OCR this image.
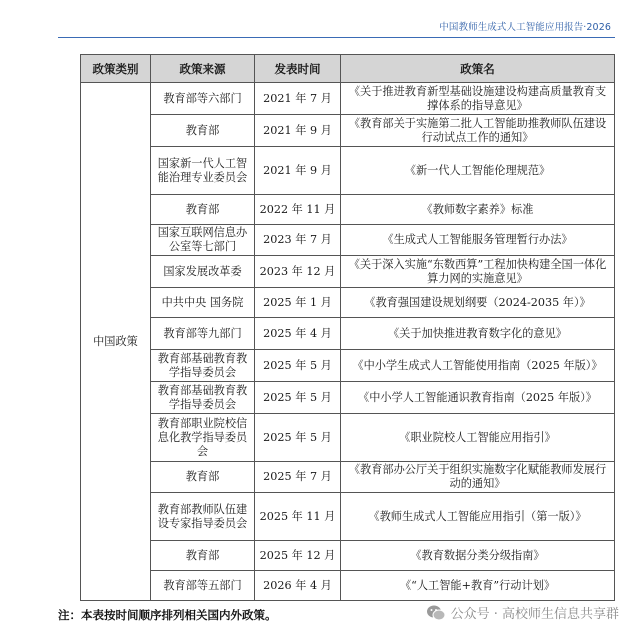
中国教师生成式人工智能应用报告·2026
政策类别	政策来源	发表时间	政策名
中国政策	教育部等六部门	2021 年 7 月	《关于推进教育新型基础设施建设构建高质量教育支撑体系的指导意见》
	教育部	2021 年 9 月	《教育部关于实施第二批人工智能助推教师队伍建设行动试点工作的通知》
	国家新一代人工智能治理专业委员会	2021 年 9 月	《新一代人工智能伦理规范》
	教育部	2022 年 11 月	《教师数字素养》标准
	国家互联网信息办公室等七部门	2023 年 7 月	《生成式人工智能服务管理暂行办法》
	国家发展改革委	2023 年 12 月	《关于深入实施“东数西算”工程加快构建全国一体化算力网的实施意见》
	中共中央 国务院	2025 年 1 月	《教育强国建设规划纲要（2024-2035 年）》
	教育部等九部门	2025 年 4 月	《关于加快推进教育数字化的意见》
	教育部基础教育教学指导委员会	2025 年 5 月	《中小学生成式人工智能使用指南（2025 年版）》
	教育部基础教育教学指导委员会	2025 年 5 月	《中小学人工智能通识教育指南（2025 年版）》
	教育部职业院校信息化教学指导委员会	2025 年 5 月	《职业院校人工智能应用指引》
	教育部	2025 年 7 月	《教育部办公厅关于组织实施数字化赋能教师发展行动的通知》
	教育部教师队伍建设专家指导委员会	2025 年 11 月	《教师生成式人工智能应用指引（第一版）》
	教育部	2025 年 12 月	《教育数据分类分级指南》
	教育部等五部门	2026 年 4 月	《“人工智能+教育”行动计划》
注：本表按时间顺序排列相关国内外政策。	公众号 · 高校师生信息共享群
